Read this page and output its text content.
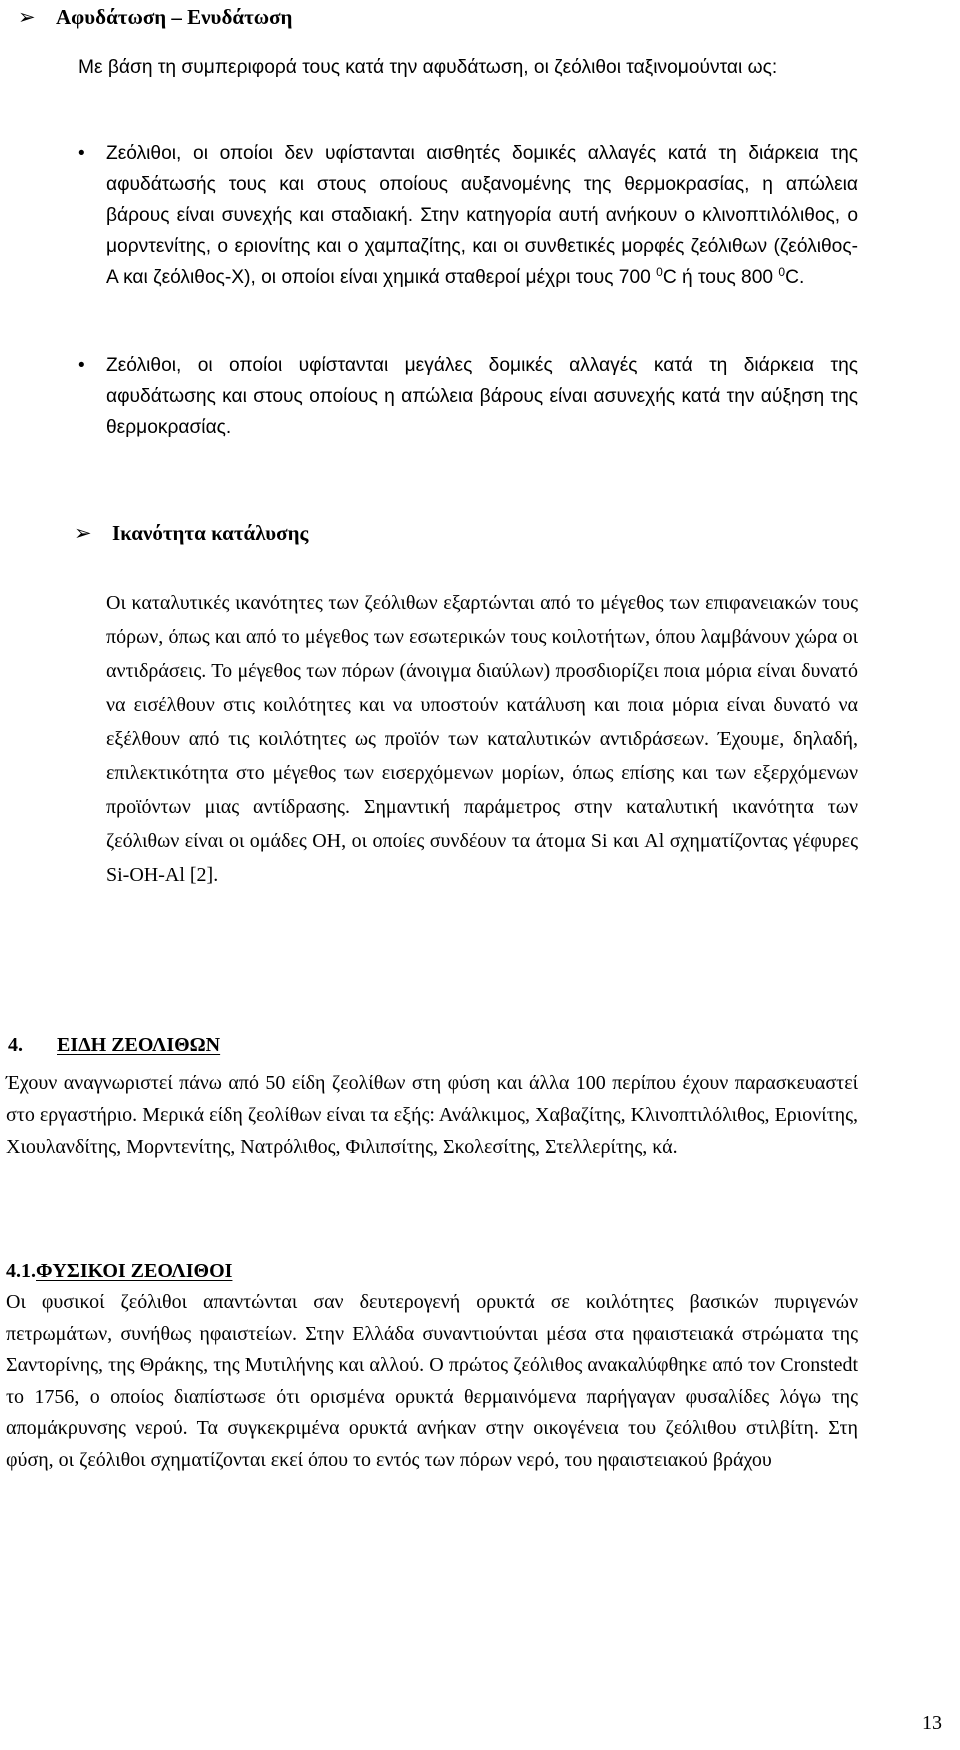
➢ Αφυδάτωση – Ενυδάτωση
Με βάση τη συμπεριφορά τους κατά την αφυδάτωση, οι ζεόλιθοι ταξινομούνται ως:
•	Ζεόλιθοι, οι οποίοι δεν υφίστανται αισθητές δομικές αλλαγές κατά τη διάρκεια της αφυδάτωσής τους και στους οποίους αυξανομένης της θερμοκρασίας, η απώλεια βάρους είναι συνεχής και σταδιακή. Στην κατηγορία αυτή ανήκουν ο κλινοπτιλόλιθος, ο μορντενίτης, ο εριονίτης και ο χαμπαζίτης, και οι συνθετικές μορφές ζεόλιθων (ζεόλιθος-Α και ζεόλιθος-Χ), οι οποίοι είναι χημικά σταθεροί μέχρι τους 700 $^0$C ή τους 800 $^0$C.
•	Ζεόλιθοι, οι οποίοι υφίστανται μεγάλες δομικές αλλαγές κατά τη διάρκεια της αφυδάτωσης και στους οποίους η απώλεια βάρους είναι ασυνεχής κατά την αύξηση της θερμοκρασίας.
➢ Ικανότητα κατάλυσης
Οι καταλυτικές ικανότητες των ζεόλιθων εξαρτώνται από το μέγεθος των επιφανειακών τους πόρων, όπως και από το μέγεθος των εσωτερικών τους κοιλοτήτων, όπου λαμβάνουν χώρα οι αντιδράσεις. Το μέγεθος των πόρων (άνοιγμα διαύλων) προσδιορίζει ποια μόρια είναι δυνατό να εισέλθουν στις κοιλότητες και να υποστούν κατάλυση και ποια μόρια είναι δυνατό να εξέλθουν από τις κοιλότητες ως προϊόν των καταλυτικών αντιδράσεων. Έχουμε, δηλαδή, επιλεκτικότητα στο μέγεθος των εισερχόμενων μορίων, όπως επίσης και των εξερχόμενων προϊόντων μιας αντίδρασης. Σημαντική παράμετρος στην καταλυτική ικανότητα των ζεόλιθων είναι οι ομάδες ΟΗ, οι οποίες συνδέουν τα άτομα Si και Al σχηματίζοντας γέφυρες Si-OH-Al [2].
4. ΕΙΔΗ ΖΕΟΛΙΘΩΝ
Έχουν αναγνωριστεί πάνω από 50 είδη ζεολίθων στη φύση και άλλα 100 περίπου έχουν παρασκευαστεί στο εργαστήριο. Μερικά είδη ζεολίθων είναι τα εξής: Ανάλκιμος, Χαβαζίτης, Κλινοπτιλόλιθος, Εριονίτης, Χιουλανδίτης, Μορντενίτης, Νατρόλιθος, Φιλιπσίτης, Σκολεσίτης, Στελλερίτης, κά.
4.1.ΦΥΣΙΚΟΙ ΖΕΟΛΙΘΟΙ
Οι φυσικοί ζεόλιθοι απαντώνται σαν δευτερογενή ορυκτά σε κοιλότητες βασικών πυριγενών πετρωμάτων, συνήθως ηφαιστείων. Στην Ελλάδα συναντιούνται μέσα στα ηφαιστειακά στρώματα της Σαντορίνης, της Θράκης, της Μυτιλήνης και αλλού. Ο πρώτος ζεόλιθος ανακαλύφθηκε από τον Cronstedt το 1756, ο οποίος διαπίστωσε ότι ορισμένα ορυκτά θερμαινόμενα παρήγαγαν φυσαλίδες λόγω της απομάκρυνσης νερού. Τα συγκεκριμένα ορυκτά ανήκαν στην οικογένεια του ζεόλιθου στιλβίτη. Στη φύση, οι ζεόλιθοι σχηματίζονται εκεί όπου το εντός των πόρων νερό, του ηφαιστειακού βράχου
13
